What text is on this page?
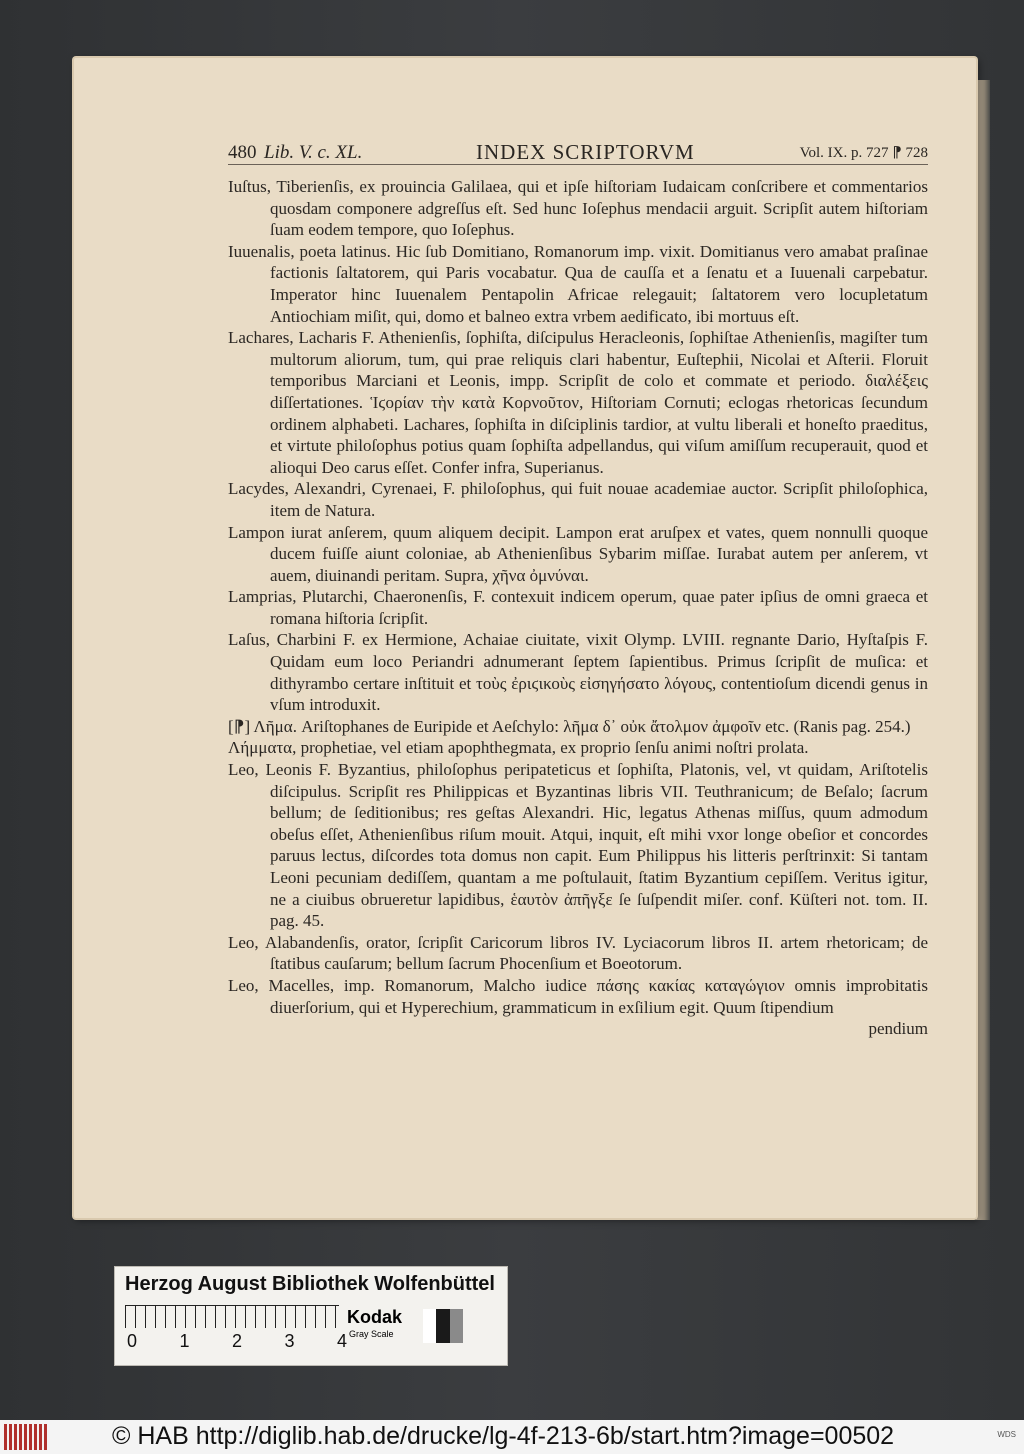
480 Lib. V. c. XL.	INDEX SCRIPTORVM	Vol. IX. p. 727 ⁋ 728

Iuſtus, Tiberienſis, ex prouincia Galilaea, qui et ipſe hiſtoriam Iudaicam conſcribere et commentarios quosdam componere adgreſſus eſt. Sed hunc Ioſephus mendacii arguit. Scripſit autem hiſtoriam ſuam eodem tempore, quo Ioſephus.

Iuuenalis, poeta latinus. Hic ſub Domitiano, Romanorum imp. vixit. Domitianus vero amabat praſinae factionis ſaltatorem, qui Paris vocabatur. Qua de cauſſa et a ſenatu et a Iuuenali carpebatur. Imperator hinc Iuuenalem Pentapolin Africae relegauit; ſaltatorem vero locupletatum Antiochiam miſit, qui, domo et balneo extra vrbem aedificato, ibi mortuus eſt.

Lachares, Lacharis F. Athenienſis, ſophiſta, diſcipulus Heracleonis, ſophiſtae Athenienſis, magiſter tum multorum aliorum, tum, qui prae reliquis clari habentur, Euſtephii, Nicolai et Aſterii. Floruit temporibus Marciani et Leonis, impp. Scripſit de colo et commate et periodo. διαλέξεις diſſertationes. Ἱϛορίαν τὴν κατὰ Κορνοῦτον, Hiſtoriam Cornuti; eclogas rhetoricas ſecundum ordinem alphabeti. Lachares, ſophiſta in diſciplinis tardior, at vultu liberali et honeſto praeditus, et virtute philoſophus potius quam ſophiſta adpellandus, qui viſum amiſſum recuperauit, quod et alioqui Deo carus eſſet. Confer infra, Superianus.

Lacydes, Alexandri, Cyrenaei, F. philoſophus, qui fuit nouae academiae auctor. Scripſit philoſophica, item de Natura.

Lampon iurat anſerem, quum aliquem decipit. Lampon erat aruſpex et vates, quem nonnulli quoque ducem fuiſſe aiunt coloniae, ab Athenienſibus Sybarim miſſae. Iurabat autem per anſerem, vt auem, diuinandi peritam. Supra, χῆνα ὀμνύναι.

Lamprias, Plutarchi, Chaeronenſis, F. contexuit indicem operum, quae pater ipſius de omni graeca et romana hiſtoria ſcripſit.

Laſus, Charbini F. ex Hermione, Achaiae ciuitate, vixit Olymp. LVIII. regnante Dario, Hyſtaſpis F. Quidam eum loco Periandri adnumerant ſeptem ſapientibus. Primus ſcripſit de muſica: et dithyrambo certare inſtituit et τοὺς ἐριϛικοὺς εἰσηγήσατο λόγους, contentioſum dicendi genus in vſum introduxit.

[⁋] Λῆμα. Ariſtophanes de Euripide et Aeſchylo: λῆμα δ᾽ οὐκ ἄτολμον ἀμφοῖν etc. (Ranis pag. 254.)

Λήμματα, prophetiae, vel etiam apophthegmata, ex proprio ſenſu animi noſtri prolata.

Leo, Leonis F. Byzantius, philoſophus peripateticus et ſophiſta, Platonis, vel, vt quidam, Ariſtotelis diſcipulus. Scripſit res Philippicas et Byzantinas libris VII. Teuthranicum; de Beſalo; ſacrum bellum; de ſeditionibus; res geſtas Alexandri. Hic, legatus Athenas miſſus, quum admodum obeſus eſſet, Athenienſibus riſum mouit. Atqui, inquit, eſt mihi vxor longe obeſior et concordes paruus lectus, diſcordes tota domus non capit. Eum Philippus his litteris perſtrinxit: Si tantam Leoni pecuniam dediſſem, quantam a me poſtulauit, ſtatim Byzantium cepiſſem. Veritus igitur, ne a ciuibus obrueretur lapidibus, ἑαυτὸν ἀπῆγξε ſe ſuſpendit miſer. conf. Küſteri not. tom. II. pag. 45.

Leo, Alabandenſis, orator, ſcripſit Caricorum libros IV. Lyciacorum libros II. artem rhetoricam; de ſtatibus cauſarum; bellum ſacrum Phocenſium et Boeotorum.

Leo, Macelles, imp. Romanorum, Malcho iudice πάσης κακίας καταγώγιον omnis improbitatis diuerſorium, qui et Hyperechium, grammaticum in exſilium egit. Quum ſtipendium

pendium

Herzog August Bibliothek Wolfenbüttel
0 1 2 3 4
Kodak
Gray Scale
© HAB http://diglib.hab.de/drucke/lg-4f-213-6b/start.htm?image=00502	WDS
